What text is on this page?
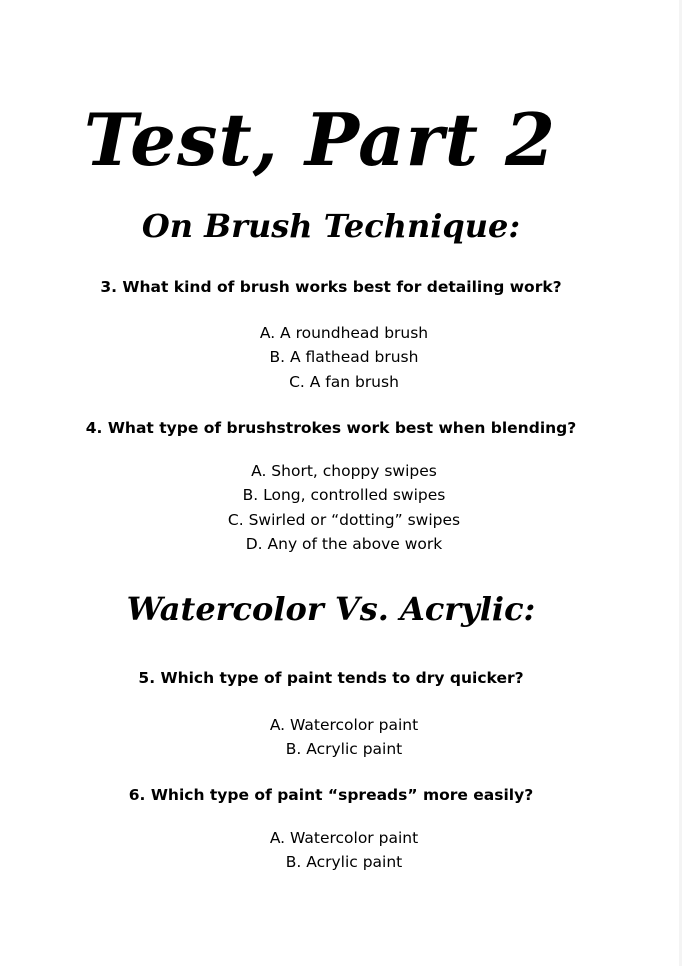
Test, Part 2
On Brush Technique:
3. What kind of brush works best for detailing work?
A. A roundhead brush
B. A flathead brush
C. A fan brush
4. What type of brushstrokes work best when blending?
A. Short, choppy swipes
B. Long, controlled swipes
C. Swirled or “dotting” swipes
D. Any of the above work
Watercolor Vs. Acrylic:
5. Which type of paint tends to dry quicker?
A. Watercolor paint
B. Acrylic paint
6. Which type of paint “spreads” more easily?
A. Watercolor paint
B. Acrylic paint
